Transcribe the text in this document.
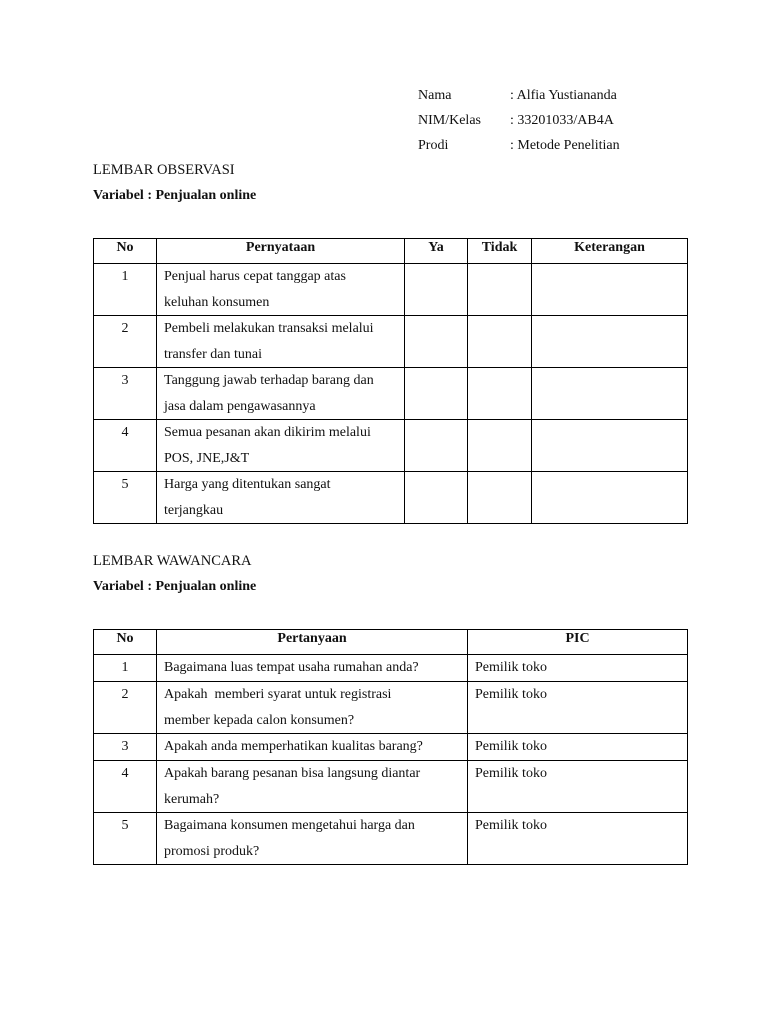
Nama	: Alfia Yustiananda
NIM/Kelas : 33201033/AB4A
Prodi	: Metode Penelitian
LEMBAR OBSERVASI
Variabel : Penjualan online
No	Pernyataan	Ya	Tidak	Keterangan
1	Penjual harus cepat tanggap atas
keluhan konsumen			

2	Pembeli melakukan transaksi melalui
transfer dan tunai			

3	Tanggung jawab terhadap barang dan
jasa dalam pengawasannya			

4	Semua pesanan akan dikirim melalui
POS, JNE,J&T			

5	Harga yang ditentukan sangat
terjangkau			

LEMBAR WAWANCARA
Variabel : Penjualan online
No	Pertanyaan	PIC
1	Bagaimana luas tempat usaha rumahan anda?	Pemilik toko
2	Apakah  memberi syarat untuk registrasi
member kepada calon konsumen?	Pemilik toko
3	Apakah anda memperhatikan kualitas barang?	Pemilik toko
4	Apakah barang pesanan bisa langsung diantar
kerumah?	Pemilik toko
5	Bagaimana konsumen mengetahui harga dan
promosi produk?	Pemilik toko
